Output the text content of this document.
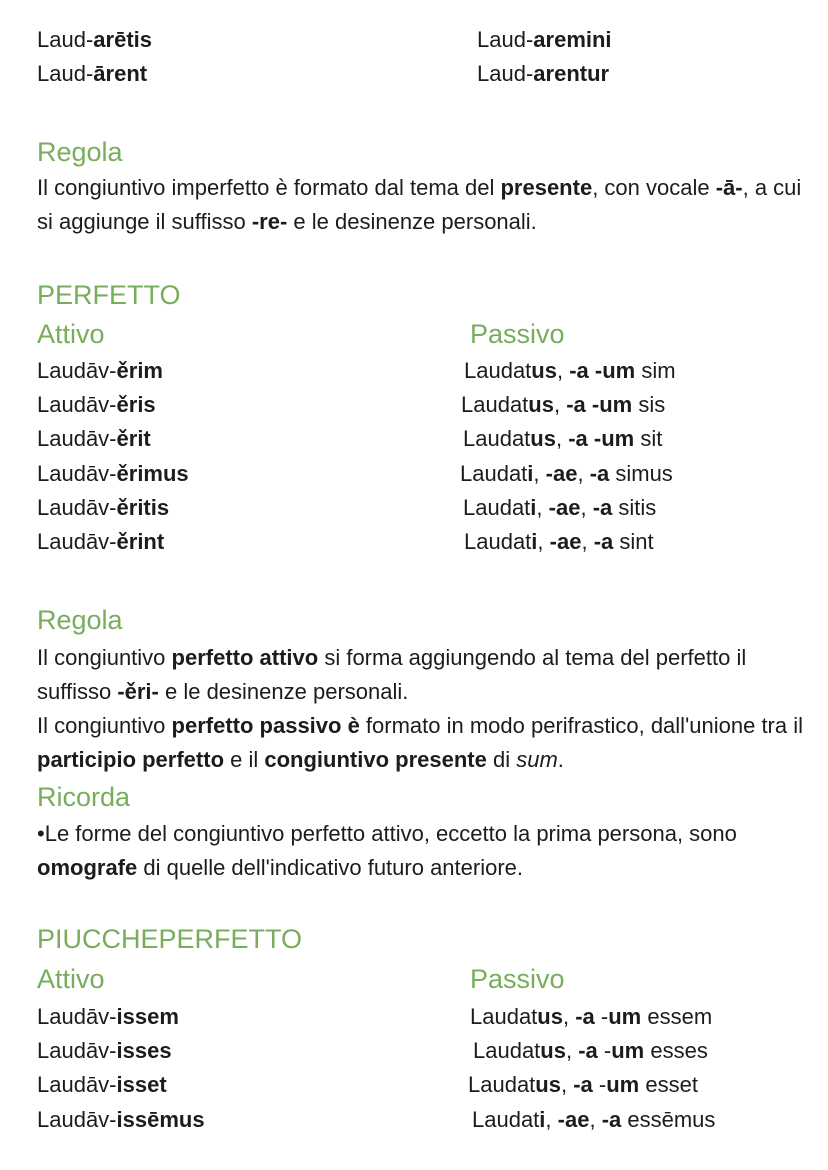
Laud-arētis	Laud-aremini
Laud-ārent	Laud-arentur
Regola
Il congiuntivo imperfetto è formato dal tema del presente, con vocale -ā-, a cui si aggiunge il suffisso -re- e le desinenze personali.
PERFETTO
Attivo	Passivo
Laudāv-ěrim	Laudatus, -a -um sim
Laudāv-ěris	Laudatus, -a -um sis
Laudāv-ěrit	Laudatus, -a -um sit
Laudāv-ěrimus	Laudati, -ae, -a simus
Laudāv-ěritis	Laudati, -ae, -a sitis
Laudāv-ěrint	Laudati, -ae, -a sint
Regola
Il congiuntivo perfetto attivo si forma aggiungendo al tema del perfetto il suffisso -ěri- e le desinenze personali.
Il congiuntivo perfetto passivo è formato in modo perifrastico, dall'unione tra il participio perfetto e il congiuntivo presente di sum.
Ricorda
•Le forme del congiuntivo perfetto attivo, eccetto la prima persona, sono omografe di quelle dell'indicativo futuro anteriore.
PIUCCHEPERFETTO
Attivo	Passivo
Laudāv-issem	Laudatus, -a -um essem
Laudāv-isses	Laudatus, -a -um esses
Laudāv-isset	Laudatus, -a -um esset
Laudāv-issēmus	Laudati, -ae, -a essēmus
